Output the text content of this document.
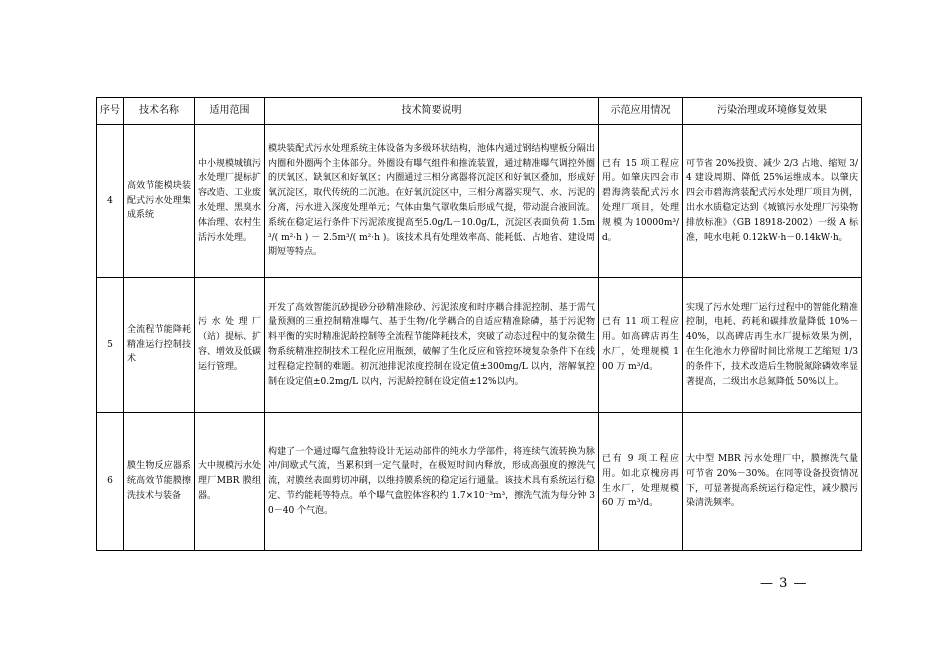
序号	技术名称	适用范围	技术简要说明	示范应用情况	污染治理或环境修复效果
4	高效节能模块装配式污水处理集成系统	中小规模城镇污水处理厂提标扩容改造、工业废水处理、黑臭水体治理、农村生活污水处理。	模块装配式污水处理系统主体设备为多级环状结构，池体内通过钢结构壁板分隔出内圈和外圈两个主体部分。外圈设有曝气组件和推流装置，通过精准曝气调控外圈的厌氧区、缺氧区和好氧区；内圈通过三相分离器将沉淀区和好氧区叠加，形成好氧沉淀区，取代传统的二沉池。在好氧沉淀区中，三相分离器实现气、水、污泥的分离，污水进入深度处理单元；气体由集气罩收集后形成气提，带动混合液回流。系统在稳定运行条件下污泥浓度提高至5.0g/L－10.0g/L，沉淀区表面负荷 1.5m³/( m²·h ) － 2.5m³/( m²·h )。该技术具有处理效率高、能耗低、占地省、建设周期短等特点。	已有 15 项工程应用。如肇庆四会市碧海湾装配式污水处理厂项目，处理规模为10000m³/d。	可节省 20%投资、减少 2/3 占地、缩短 3/4 建设周期、降低 25%运维成本。以肇庆四会市碧海湾装配式污水处理厂项目为例，出水水质稳定达到《城镇污水处理厂污染物排放标准》（GB 18918-2002）一级 A 标准，吨水电耗 0.12kW·h－0.14kW·h。
5	全流程节能降耗精准运行控制技术	污水处理厂（站）提标、扩容、增效及低碳运行管理。	开发了高效智能沉砂提砂分砂精准除砂、污泥浓度和时序耦合排泥控制、基于需气量预测的三重控制精准曝气、基于生物/化学耦合的自适应精准除磷，基于污泥物料平衡的实时精准泥龄控制等全流程节能降耗技术，突破了动态过程中的复杂微生物系统精准控制技术工程化应用瓶颈，破解了生化反应和管控环境复杂条件下在线过程稳定控制的难题。初沉池排泥浓度控制在设定值±300mg/L 以内，溶解氧控制在设定值±0.2mg/L 以内，污泥龄控制在设定值±12%以内。	已有 11 项工程应用。如高碑店再生水厂，处理规模 100 万 m³/d。	实现了污水处理厂运行过程中的智能化精准控制，电耗、药耗和碳排放量降低 10%－40%，以高碑店再生水厂提标效果为例，在生化池水力停留时间比常规工艺缩短 1/3 的条件下，技术改造后生物脱氮除磷效率显著提高，二级出水总氮降低 50%以上。
6	膜生物反应器系统高效节能膜擦洗技术与装备	大中规模污水处理厂MBR 膜组器。	构建了一个通过曝气盒独特设计无运动部件的纯水力学部件，将连续气流转换为脉冲/间歇式气流，当累积到一定气量时，在极短时间内释放，形成高强度的擦洗气流，对膜丝表面剪切冲刷，以维持膜系统的稳定运行通量。该技术具有系统运行稳定、节约能耗等特点。单个曝气盒腔体容积约 1.7×10⁻³m³，擦洗气流为每分钟 30－40 个气泡。	已有 9 项工程应用。如北京槐房再生水厂，处理规模 60 万 m³/d。	大中型 MBR 污水处理厂中，膜擦洗气量可节省 20%－30%。在同等设备投资情况下，可显著提高系统运行稳定性，减少膜污染清洗频率。
— 3 —
